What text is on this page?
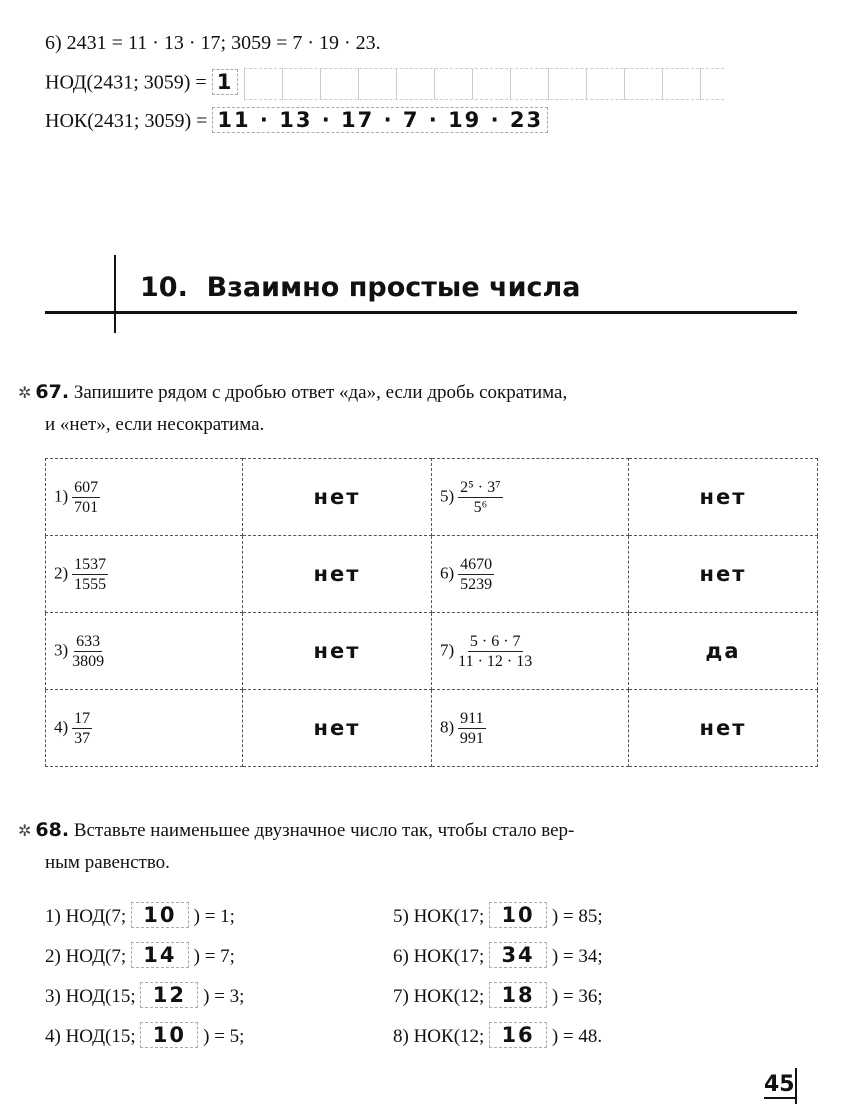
6) 2431 = 11 · 13 · 17; 3059 = 7 · 19 · 23.
НОД(2431; 3059) = 1
НОК(2431; 3059) = 11 · 13 · 17 · 7 · 19 · 23
10. Взаимно простые числа
✲ 67. Запишите рядом с дробью ответ «да», если дробь сократима,
и «нет», если несократима.
$1) \frac{607}{701}$	нет	$5) \frac{\text{2⁵ · 3⁷}}{\text{5⁶}}$	нет
$2) \frac{1537}{1555}$	нет	$6) \frac{4670}{5239}$	нет
$3) \frac{633}{3809}$	нет	$7) \frac{5 \cdot 6 \cdot 7}{11 \cdot 12 \cdot 13}$	да
$4) \frac{17}{37}$	нет	$8) \frac{911}{991}$	нет
✲ 68. Вставьте наименьшее двузначное число так, чтобы стало вер-
ным равенство.
1) НОД(7; 10 ) = 1;
2) НОД(7; 14 ) = 7;
3) НОД(15; 12 ) = 3;
4) НОД(15; 10 ) = 5;
5) НОК(17; 10 ) = 85;
6) НОК(17; 34 ) = 34;
7) НОК(12; 18 ) = 36;
8) НОК(12; 16 ) = 48.
45
